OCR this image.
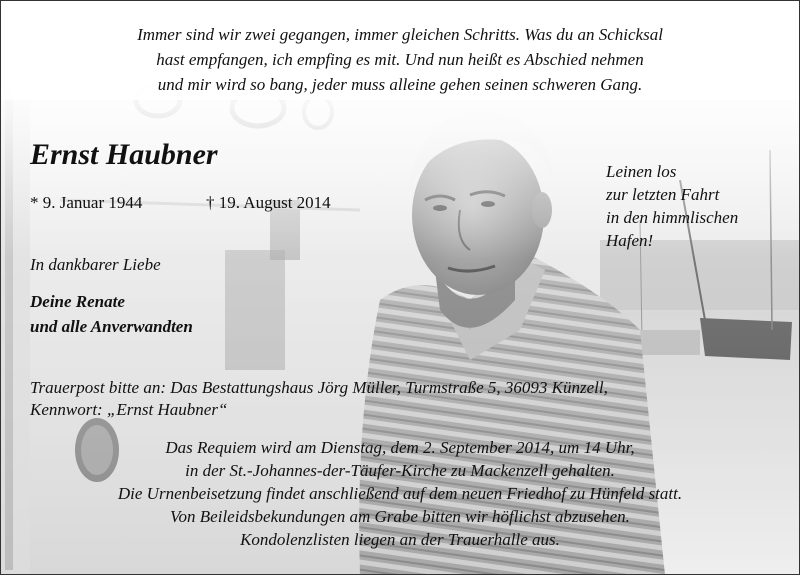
Immer sind wir zwei gegangen, immer gleichen Schritts. Was du an Schicksal
hast empfangen, ich empfing es mit. Und nun heißt es Abschied nehmen
und mir wird so bang, jeder muss alleine gehen seinen schweren Gang.
Ernst Haubner
* 9. Januar 1944	† 19. August 2014
In dankbarer Liebe
Deine Renate
und alle Anverwandten
Leinen los
zur letzten Fahrt
in den himmlischen
Hafen!
Trauerpost bitte an: Das Bestattungshaus Jörg Müller, Turmstraße 5, 36093 Künzell,
Kennwort: „Ernst Haubner“
Das Requiem wird am Dienstag, dem 2. September 2014, um 14 Uhr,
in der St.-Johannes-der-Täufer-Kirche zu Mackenzell gehalten.
Die Urnenbeisetzung findet anschließend auf dem neuen Friedhof zu Hünfeld statt.
Von Beileidsbekundungen am Grabe bitten wir höflichst abzusehen.
Kondolenzlisten liegen an der Trauerhalle aus.
